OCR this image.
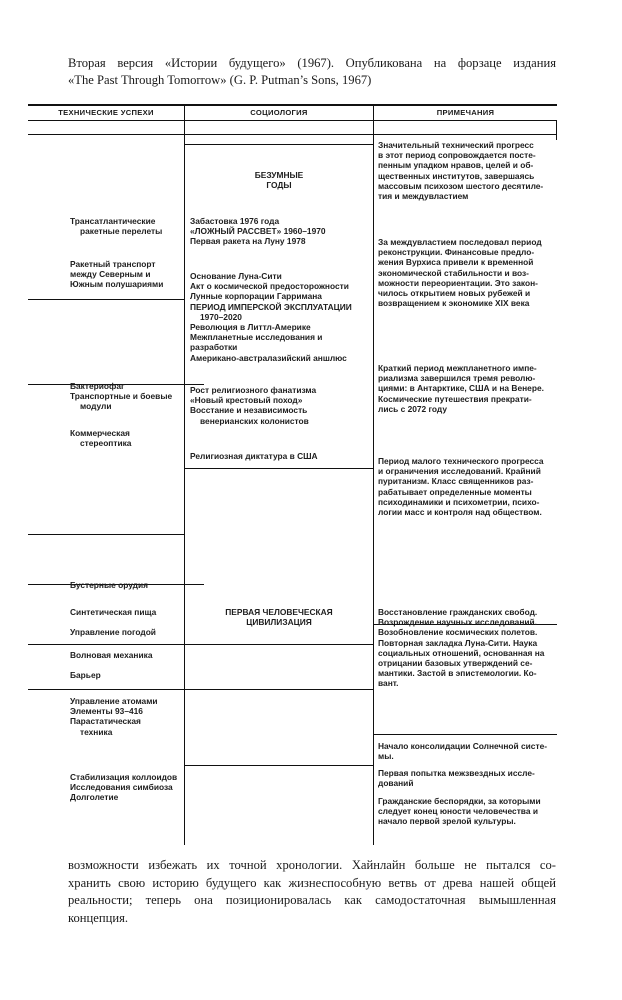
Вторая версия «Истории будущего» (1967). Опубликована на форзаце издания
«The Past Through Tomorrow» (G. P. Putman’s Sons, 1967)
ТЕХНИЧЕСКИЕ УСПЕХИ	СОЦИОЛОГИЯ	ПРИМЕЧАНИЯ
Трансатлантические
ракетные перелеты
Ракетный транспорт
между Северным и
Южным полушариями
Бактериофаг
Транспортные и боевые
модули
Коммерческая
стереоптика
Бустерные орудия
Синтетическая пища
Управление погодой
Волновая механика
Барьер
Управление атомами
Элементы 93–416
Парастатическая
техника
Стабилизация коллоидов
Исследования симбиоза
Долголетие
БЕЗУМНЫЕ
ГОДЫ
Забастовка 1976 года
«ЛОЖНЫЙ РАССВЕТ» 1960–1970
Первая ракета на Луну 1978
Основание Луна-Сити
Акт о космической предосторожности
Лунные корпорации Гарримана
ПЕРИОД ИМПЕРСКОЙ ЭКСПЛУАТАЦИИ
1970–2020
Революция в Литтл-Америке
Межпланетные исследования и
разработки
Американо-австралазийский аншлюс
Рост религиозного фанатизма
«Новый крестовый поход»
Восстание и независимость
венерианских колонистов
Религиозная диктатура в США
ПЕРВАЯ ЧЕЛОВЕЧЕСКАЯ
ЦИВИЛИЗАЦИЯ
Значительный технический прогресс
в этот период сопровождается посте-
пенным упадком нравов, целей и об-
щественных институтов, завершаясь
массовым психозом шестого десятиле-
тия и междувластием
За междувластием последовал период
реконструкции. Финансовые предло-
жения Вурхиса привели к временной
экономической стабильности и воз-
можности переориентации. Это закон-
чилось открытием новых рубежей и
возвращением к экономике XIX века
Краткий период межпланетного импе-
риализма завершился тремя револю-
циями: в Антарктике, США и на Венере.
Космические путешествия прекрати-
лись с 2072 году
Период малого технического прогресса
и ограничения исследований. Крайний
пуританизм. Класс священников раз-
рабатывает определенные моменты
психодинамики и психометрии, психо-
логии масс и контроля над обществом.
Восстановление гражданских свобод.
Возрождение научных исследований.
Возобновление космических полетов.
Повторная закладка Луна-Сити. Наука
социальных отношений, основанная на
отрицании базовых утверждений се-
мантики. Застой в эпистемологии. Ко-
вант.
Начало консолидации Солнечной систе-
мы.
Первая попытка межзвездных иссле-
дований
Гражданские беспорядки, за которыми
следует конец юности человечества и
начало первой зрелой культуры.
возможности избежать их точной хронологии. Хайнлайн больше не пытался со-
хранить свою историю будущего как жизнеспособную ветвь от древа нашей общей
реальности; теперь она позиционировалась как самодостаточная вымышленная
концепция.
